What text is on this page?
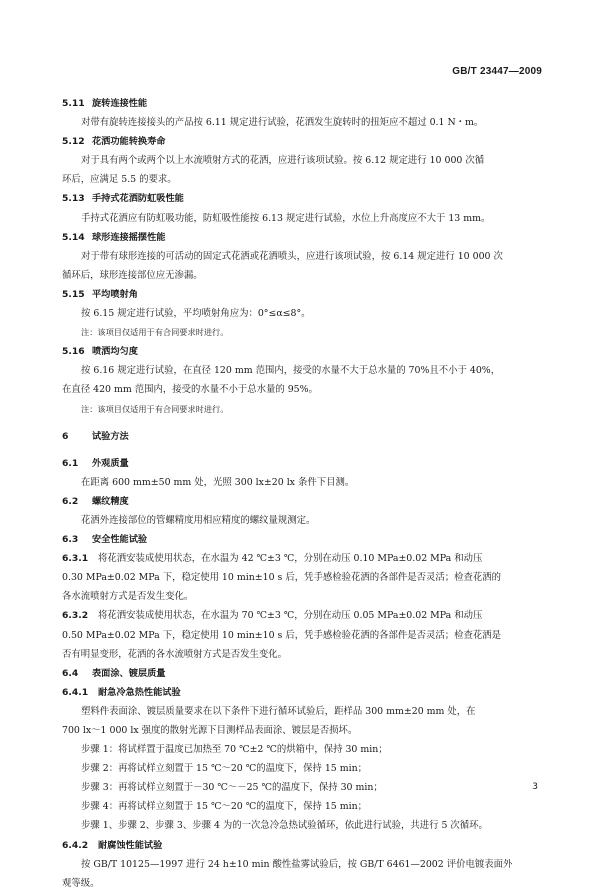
GB/T 23447—2009
5.11 旋转连接性能
对带有旋转连接接头的产品按 6.11 规定进行试验，花洒发生旋转时的扭矩应不超过 0.1 N・m。
5.12 花洒功能转换寿命
对于具有两个或两个以上水流喷射方式的花洒，应进行该项试验。按 6.12 规定进行 10 000 次循
环后，应满足 5.5 的要求。
5.13 手持式花洒防虹吸性能
手持式花洒应有防虹吸功能，防虹吸性能按 6.13 规定进行试验，水位上升高度应不大于 13 mm。
5.14 球形连接摇摆性能
对于带有球形连接的可活动的固定式花洒或花洒喷头，应进行该项试验，按 6.14 规定进行 10 000 次
循环后，球形连接部位应无渗漏。
5.15 平均喷射角
按 6.15 规定进行试验，平均喷射角应为：0°≤α≤8°。
注：该项目仅适用于有合同要求时进行。
5.16 喷洒均匀度
按 6.16 规定进行试验，在直径 120 mm 范围内，接受的水量不大于总水量的 70%且不小于 40%，
在直径 420 mm 范围内，接受的水量不小于总水量的 95%。
注：该项目仅适用于有合同要求时进行。
6	试验方法
6.1 外观质量
在距离 600 mm±50 mm 处，光照 300 lx±20 lx 条件下目测。
6.2 螺纹精度
花洒外连接部位的管螺精度用相应精度的螺纹量规测定。
6.3 安全性能试验
6.3.1 将花洒安装成使用状态，在水温为 42 ℃±3 ℃，分别在动压 0.10 MPa±0.02 MPa 和动压
0.30 MPa±0.02 MPa 下，稳定使用 10 min±10 s 后，凭手感检验花洒的各部件是否灵活；检查花洒的
各水流喷射方式是否发生变化。
6.3.2 将花洒安装成使用状态，在水温为 70 ℃±3 ℃，分别在动压 0.05 MPa±0.02 MPa 和动压
0.50 MPa±0.02 MPa 下，稳定使用 10 min±10 s 后，凭手感检验花洒的各部件是否灵活；检查花洒是
否有明显变形，花洒的各水流喷射方式是否发生变化。
6.4 表面涂、镀层质量
6.4.1 耐急冷急热性能试验
塑料件表面涂、镀层质量要求在以下条件下进行循环试验后，距样品 300 mm±20 mm 处，在
700 lx～1 000 lx 强度的散射光源下目测样品表面涂、镀层是否损坏。
步骤 1：将试样置于温度已加热至 70 ℃±2 ℃的烘箱中，保持 30 min；
步骤 2：再将试样立刻置于 15 ℃～20 ℃的温度下，保持 15 min；
步骤 3：再将试样立刻置于－30 ℃～－25 ℃的温度下，保持 30 min；
步骤 4：再将试样立刻置于 15 ℃～20 ℃的温度下，保持 15 min；
步骤 1、步骤 2、步骤 3、步骤 4 为的一次急冷急热试验循环，依此进行试验，共进行 5 次循环。
6.4.2 耐腐蚀性能试验
按 GB/T 10125—1997 进行 24 h±10 min 酸性盐雾试验后，按 GB/T 6461—2002 评价电镀表面外
观等级。
3
